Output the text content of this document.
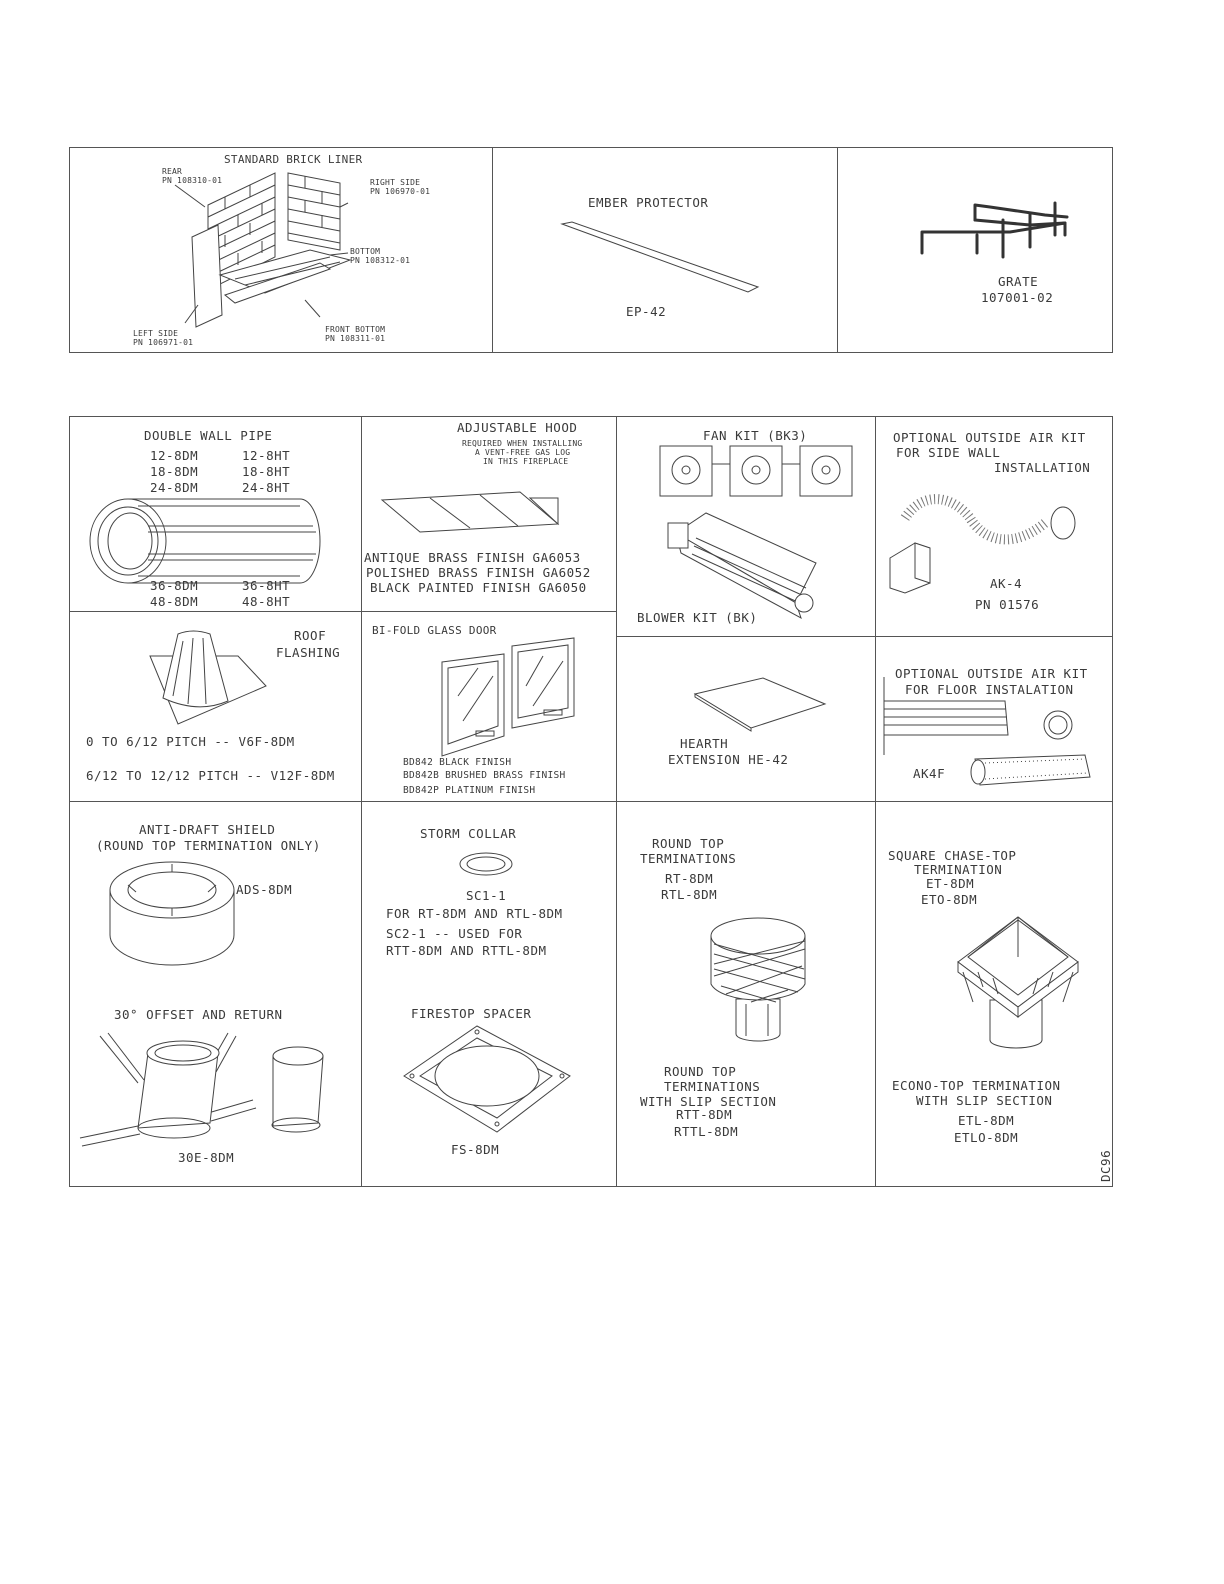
STANDARD BRICK LINER
REAR
PN 108310-01	RIGHT SIDE
PN 106970-01
BOTTOM
PN 108312-01
LEFT SIDE
PN 106971-01
FRONT BOTTOM
PN 108311-01
EMBER PROTECTOR
EP-42
GRATE
107001-02
DOUBLE WALL PIPE
12-8DM	12-8HT
18-8DM	18-8HT
24-8DM	24-8HT
36-8DM	36-8HT
48-8DM	48-8HT
ADJUSTABLE HOOD
REQUIRED WHEN INSTALLING
A VENT-FREE GAS LOG
IN THIS FIREPLACE
ANTIQUE BRASS FINISH GA6053
POLISHED BRASS FINISH GA6052
BLACK PAINTED FINISH GA6050
FAN KIT (BK3)
BLOWER KIT (BK)
OPTIONAL OUTSIDE AIR KIT
FOR SIDE WALL
INSTALLATION
AK-4
PN 01576
ROOF
FLASHING
0 TO 6/12 PITCH -- V6F-8DM
6/12 TO 12/12 PITCH -- V12F-8DM
BI-FOLD GLASS DOOR
BD842 BLACK FINISH
BD842B BRUSHED BRASS FINISH
BD842P PLATINUM FINISH
HEARTH
EXTENSION HE-42
OPTIONAL OUTSIDE AIR KIT
FOR FLOOR INSTALATION
AK4F
ANTI-DRAFT SHIELD
(ROUND TOP TERMINATION ONLY)
ADS-8DM
30° OFFSET AND RETURN
30E-8DM
STORM COLLAR
SC1-1
FOR RT-8DM AND RTL-8DM
SC2-1 -- USED FOR
RTT-8DM AND RTTL-8DM
FIRESTOP SPACER
FS-8DM
ROUND TOP
TERMINATIONS
RT-8DM
RTL-8DM
ROUND TOP
TERMINATIONS
WITH SLIP SECTION
RTT-8DM
RTTL-8DM
SQUARE CHASE-TOP
TERMINATION
ET-8DM
ETO-8DM
ECONO-TOP TERMINATION
WITH SLIP SECTION
ETL-8DM
ETLO-8DM
DC96
